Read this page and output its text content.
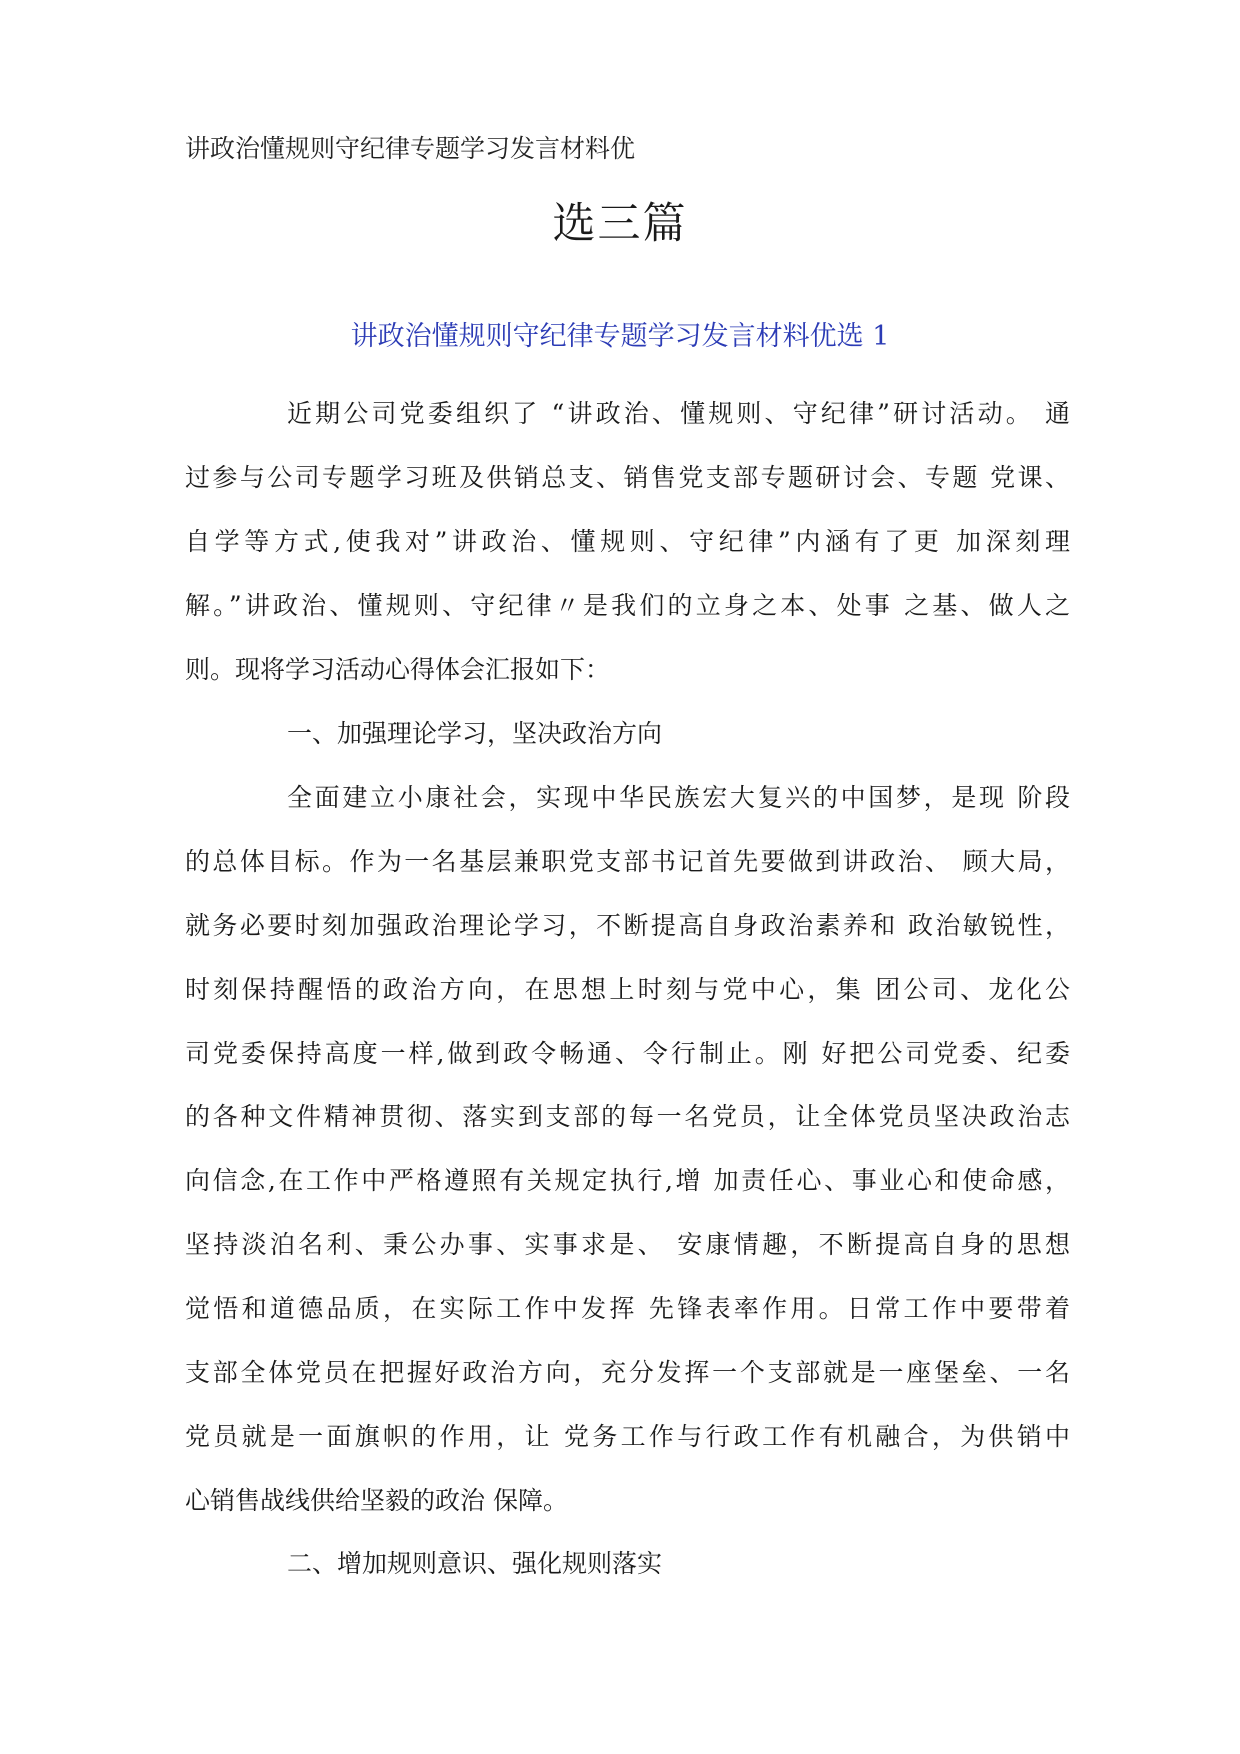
讲政治懂规则守纪律专题学习发言材料优
选三篇
讲政治懂规则守纪律专题学习发言材料优选 1
近期公司党委组织了 “讲政治、懂规则、守纪律”研讨活动。 通
过参与公司专题学习班及供销总支、销售党支部专题研讨会、专题 党课、
自学等方式,使我对”讲政治、懂规则、守纪律”内涵有了更 加深刻理
解。”讲政治、懂规则、守纪律〃是我们的立身之本、处事 之基、做人之
则。现将学习活动心得体会汇报如下：
一、加强理论学习，坚决政治方向
全面建立小康社会，实现中华民族宏大复兴的中国梦，是现 阶段
的总体目标。作为一名基层兼职党支部书记首先要做到讲政治、 顾大局，
就务必要时刻加强政治理论学习，不断提高自身政治素养和 政治敏锐性，
时刻保持醒悟的政治方向，在思想上时刻与党中心，集 团公司、龙化公
司党委保持高度一样,做到政令畅通、令行制止。刚 好把公司党委、纪委
的各种文件精神贯彻、落实到支部的每一名党员，让全体党员坚决政治志
向信念,在工作中严格遵照有关规定执行,增 加责任心、事业心和使命感，
坚持淡泊名利、秉公办事、实事求是、 安康情趣，不断提高自身的思想
觉悟和道德品质，在实际工作中发挥 先锋表率作用。日常工作中要带着
支部全体党员在把握好政治方向，充分发挥一个支部就是一座堡垒、一名
党员就是一面旗帜的作用，让 党务工作与行政工作有机融合，为供销中
心销售战线供给坚毅的政治 保障。
二、增加规则意识、强化规则落实
